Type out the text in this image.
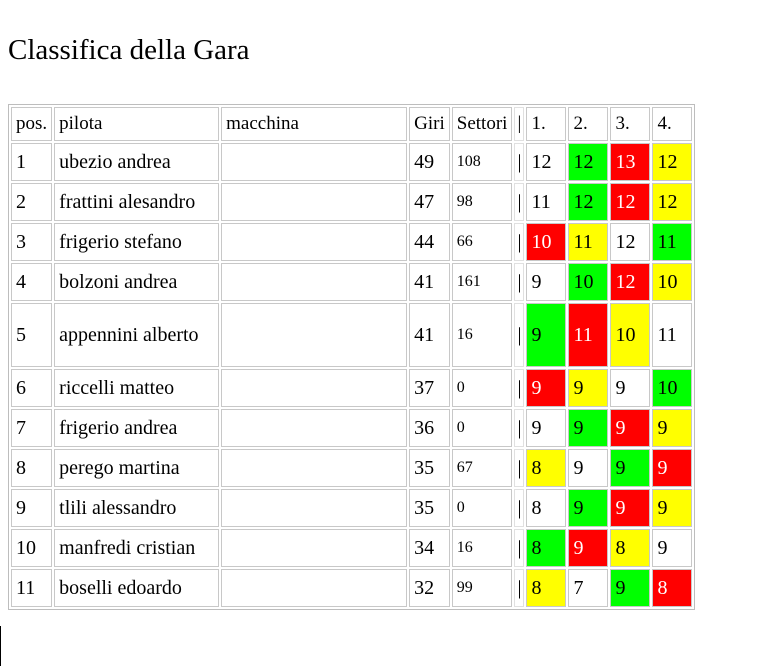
Classifica della Gara
pos.	pilota	macchina	Giri	Settori	|	1.	2.	3.	4.
1	ubezio andrea		49	108	|	12	12	13	12
2	frattini alesandro		47	98	|	11	12	12	12
3	frigerio stefano		44	66	|	10	11	12	11
4	bolzoni andrea		41	161	|	9	10	12	10
5	appennini alberto		41	16	|	9	11	10	11
6	riccelli matteo		37	0	|	9	9	9	10
7	frigerio andrea		36	0	|	9	9	9	9
8	perego martina		35	67	|	8	9	9	9
9	tlili alessandro		35	0	|	8	9	9	9
10	manfredi cristian		34	16	|	8	9	8	9
11	boselli edoardo		32	99	|	8	7	9	8
